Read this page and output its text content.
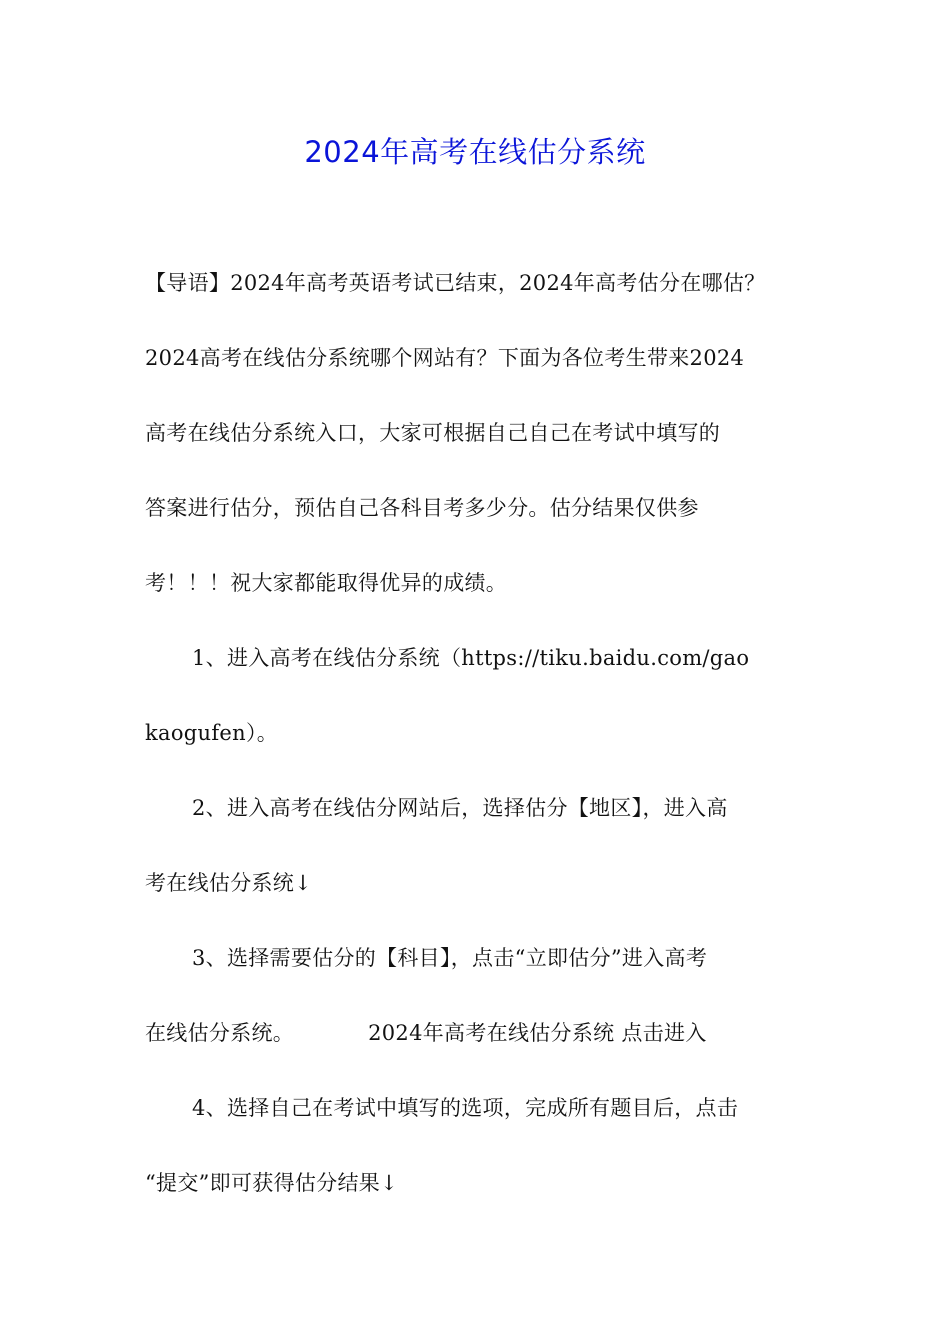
2024年高考在线估分系统
【导语】2024年高考英语考试已结束，2024年高考估分在哪估？
2024高考在线估分系统哪个网站有？下面为各位考生带来2024
高考在线估分系统入口，大家可根据自己自己在考试中填写的
答案进行估分，预估自己各科目考多少分。估分结果仅供参
考！！！祝大家都能取得优异的成绩。
1、进入高考在线估分系统（https://tiku.baidu.com/gao
kaogufen）。
2、进入高考在线估分网站后，选择估分【地区】，进入高
考在线估分系统↓
3、选择需要估分的【科目】，点击“立即估分”进入高考
在线估分系统。	2024年高考在线估分系统 点击进入
4、选择自己在考试中填写的选项，完成所有题目后，点击
“提交”即可获得估分结果↓
